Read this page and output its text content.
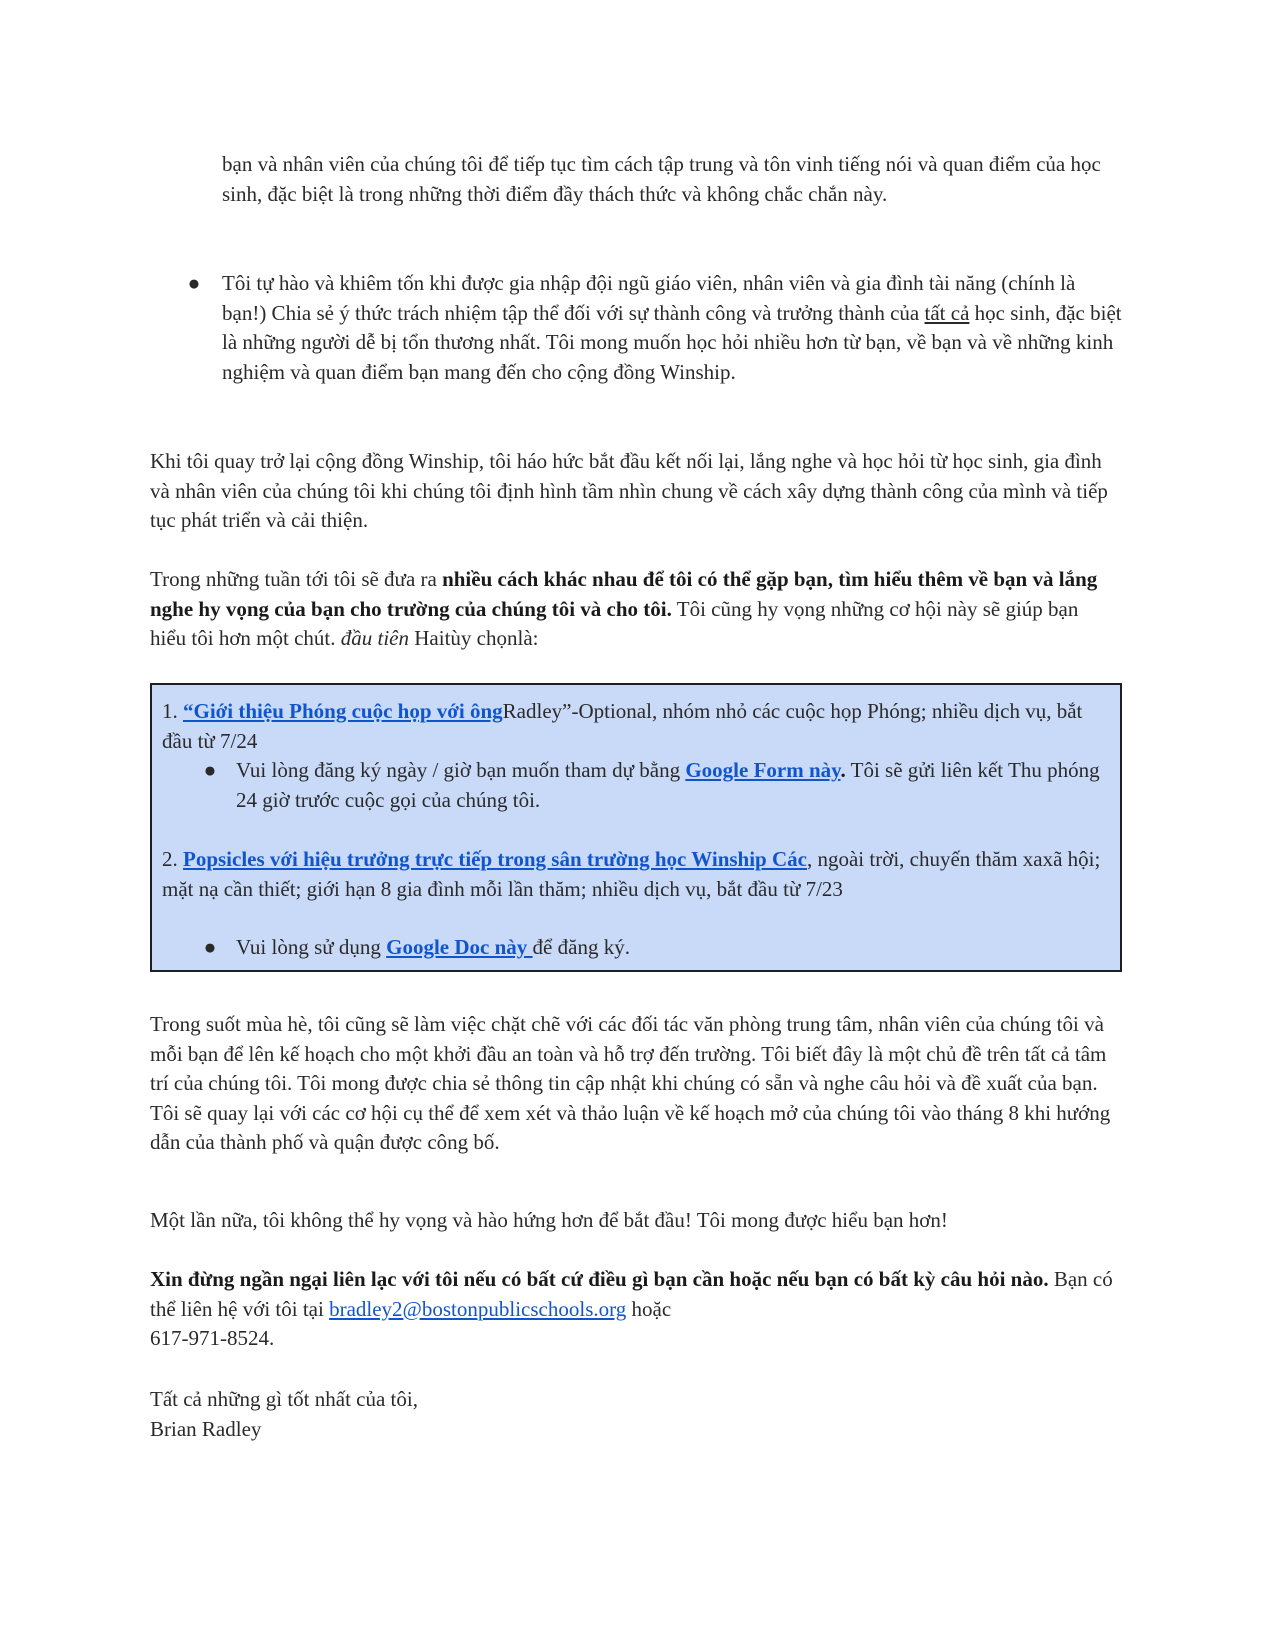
bạn và nhân viên của chúng tôi để tiếp tục tìm cách tập trung và tôn vinh tiếng nói và quan điểm của học sinh, đặc biệt là trong những thời điểm đầy thách thức và không chắc chắn này.

● Tôi tự hào và khiêm tốn khi được gia nhập đội ngũ giáo viên, nhân viên và gia đình tài năng (chính là bạn!) Chia sẻ ý thức trách nhiệm tập thể đối với sự thành công và trưởng thành của tất cả học sinh, đặc biệt là những người dễ bị tổn thương nhất. Tôi mong muốn học hỏi nhiều hơn từ bạn, về bạn và về những kinh nghiệm và quan điểm bạn mang đến cho cộng đồng Winship.

Khi tôi quay trở lại cộng đồng Winship, tôi háo hức bắt đầu kết nối lại, lắng nghe và học hỏi từ học sinh, gia đình và nhân viên của chúng tôi khi chúng tôi định hình tầm nhìn chung về cách xây dựng thành công của mình và tiếp tục phát triển và cải thiện.

Trong những tuần tới tôi sẽ đưa ra nhiều cách khác nhau để tôi có thể gặp bạn, tìm hiểu thêm về bạn và lắng nghe hy vọng của bạn cho trường của chúng tôi và cho tôi. Tôi cũng hy vọng những cơ hội này sẽ giúp bạn hiểu tôi hơn một chút. đầu tiên Haitùy chọnlà:

1. “Giới thiệu Phóng cuộc họp với ôngRadley”-Optional, nhóm nhỏ các cuộc họp Phóng; nhiều dịch vụ, bắt đầu từ 7/24

● Vui lòng đăng ký ngày / giờ bạn muốn tham dự bằng Google Form này. Tôi sẽ gửi liên kết Thu phóng 24 giờ trước cuộc gọi của chúng tôi.

2. Popsicles với hiệu trưởng trực tiếp trong sân trường học Winship Các, ngoài trời, chuyến thăm xaxã hội; mặt nạ cần thiết; giới hạn 8 gia đình mỗi lần thăm; nhiều dịch vụ, bắt đầu từ 7/23

● Vui lòng sử dụng Google Doc này để đăng ký.

Trong suốt mùa hè, tôi cũng sẽ làm việc chặt chẽ với các đối tác văn phòng trung tâm, nhân viên của chúng tôi và mỗi bạn để lên kế hoạch cho một khởi đầu an toàn và hỗ trợ đến trường. Tôi biết đây là một chủ đề trên tất cả tâm trí của chúng tôi. Tôi mong được chia sẻ thông tin cập nhật khi chúng có sẵn và nghe câu hỏi và đề xuất của bạn. Tôi sẽ quay lại với các cơ hội cụ thể để xem xét và thảo luận về kế hoạch mở của chúng tôi vào tháng 8 khi hướng dẫn của thành phố và quận được công bố.

Một lần nữa, tôi không thể hy vọng và hào hứng hơn để bắt đầu! Tôi mong được hiểu bạn hơn!

Xin đừng ngần ngại liên lạc với tôi nếu có bất cứ điều gì bạn cần hoặc nếu bạn có bất kỳ câu hỏi nào. Bạn có thể liên hệ với tôi tại bradley2@bostonpublicschools.org hoặc
617-971-8524.

Tất cả những gì tốt nhất của tôi,
Brian Radley
